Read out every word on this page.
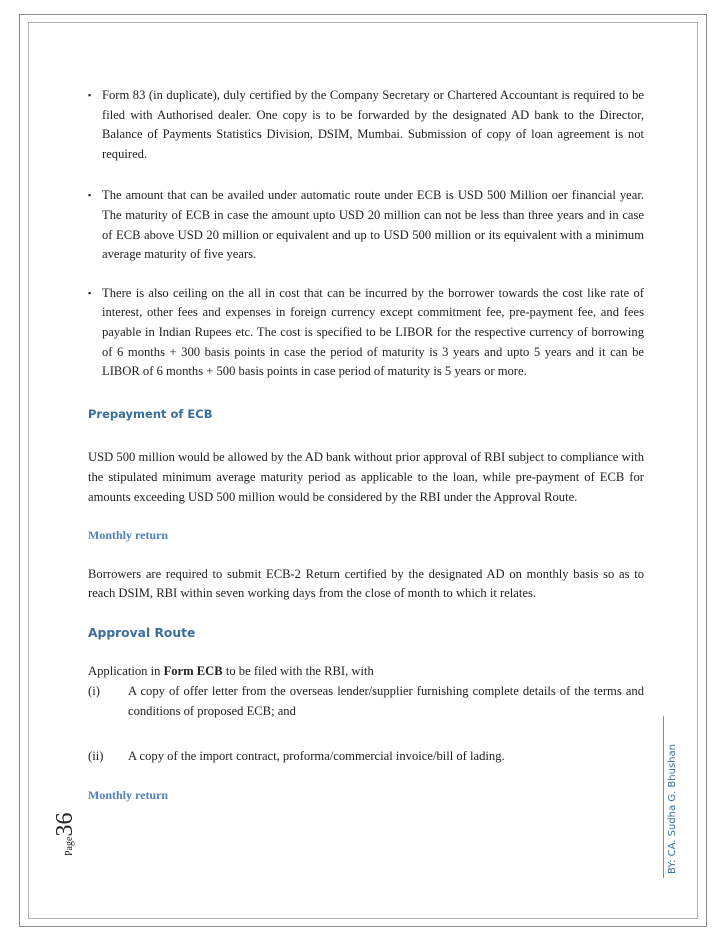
▪ Form 83 (in duplicate), duly certified by the Company Secretary or Chartered Accountant is required to be filed with Authorised dealer. One copy is to be forwarded by the designated AD bank to the Director, Balance of Payments Statistics Division, DSIM, Mumbai. Submission of copy of loan agreement is not required.
▪ The amount that can be availed under automatic route under ECB is USD 500 Million oer financial year. The maturity of ECB in case the amount upto USD 20 million can not be less than three years and in case of ECB above USD 20 million or equivalent and up to USD 500 million or its equivalent with a minimum average maturity of five years.
▪ There is also ceiling on the all in cost that can be incurred by the borrower towards the cost like rate of interest, other fees and expenses in foreign currency except commitment fee, pre-payment fee, and fees payable in Indian Rupees etc. The cost is specified to be LIBOR for the respective currency of borrowing of 6 months + 300 basis points in case the period of maturity is 3 years and upto 5 years and it can be LIBOR of 6 months + 500 basis points in case period of maturity is 5 years or more.
Prepayment of ECB
USD 500 million would be allowed by the AD bank without prior approval of RBI subject to compliance with the stipulated minimum average maturity period as applicable to the loan, while pre-payment of ECB for amounts exceeding USD 500 million would be considered by the RBI under the Approval Route.
Monthly return
Borrowers are required to submit ECB-2 Return certified by the designated AD on monthly basis so as to reach DSIM, RBI within seven working days from the close of month to which it relates.
Approval Route
Application in Form ECB to be filed with the RBI, with
(i) A copy of offer letter from the overseas lender/supplier furnishing complete details of the terms and conditions of proposed ECB; and
(ii) A copy of the import contract, proforma/commercial invoice/bill of lading.
Monthly return
Page36	BY: CA. Sudha G. Bhushan
